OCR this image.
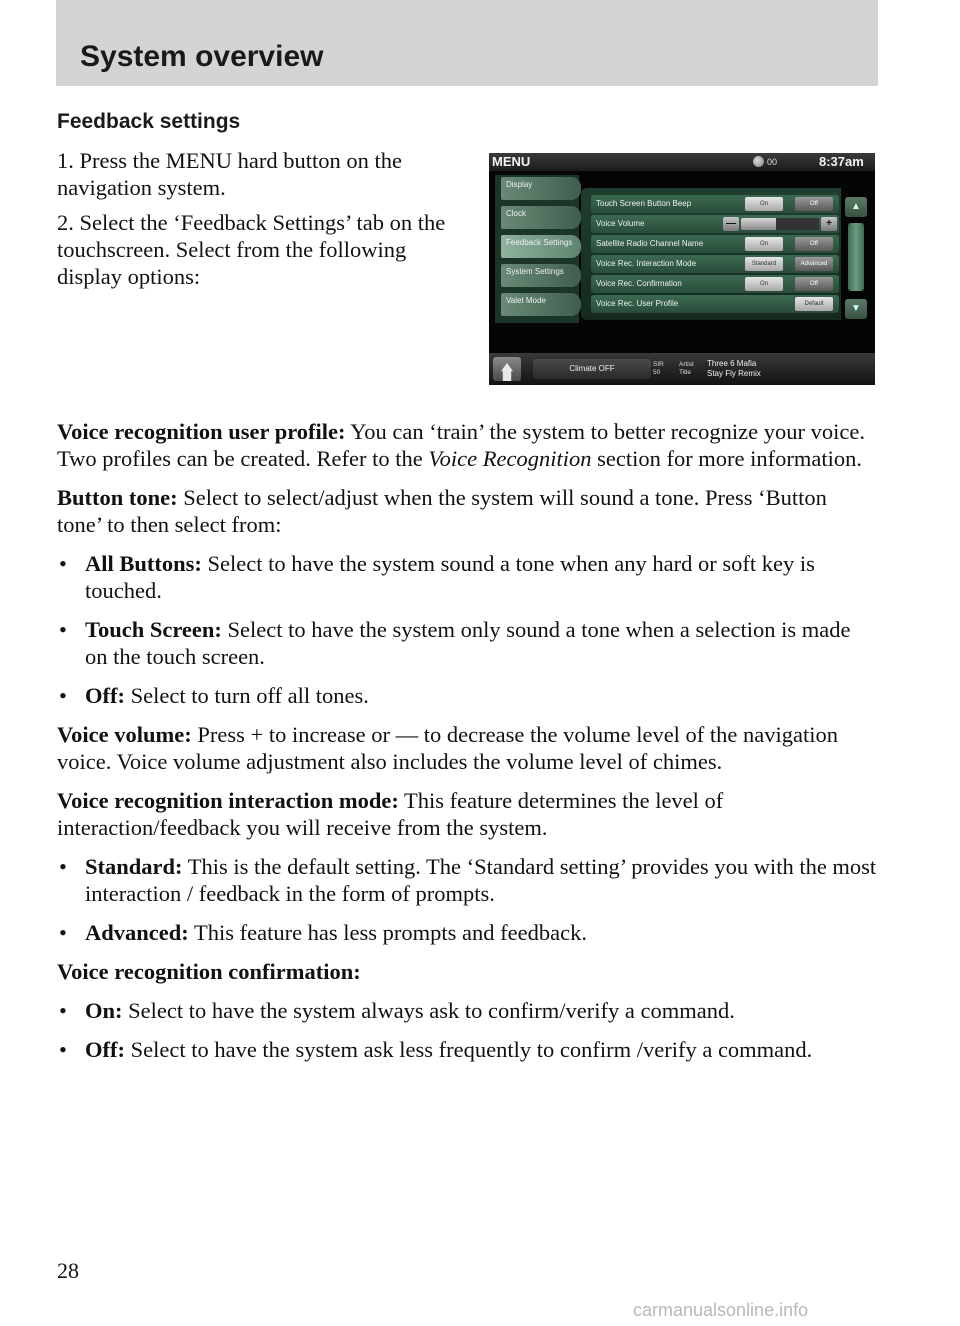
System overview
Feedback settings
1. Press the MENU hard button on the navigation system.
2. Select the ‘Feedback Settings’ tab on the touchscreen. Select from the following display options:
MENU	00	8:37am
Display
Clock
Feedback Settings
System Settings
Valet Mode
Touch Screen Button Beep	On	Off
Voice Volume	—	+
Satellite Radio Channel Name	On	Off
Voice Rec. Interaction Mode	Standard	Advanced
Voice Rec. Confirmation	On	Off
Voice Rec. User Profile	Default
▲
▼
Climate OFF	SIR
50
Artist
Title
Three 6 Mafia
Stay Fly Remix

Voice recognition user profile: You can ‘train’ the system to better recognize your voice. Two profiles can be created. Refer to the Voice Recognition section for more information.

Button tone: Select to select/adjust when the system will sound a tone. Press ‘Button tone’ to then select from:

• All Buttons: Select to have the system sound a tone when any hard or soft key is touched.
• Touch Screen: Select to have the system only sound a tone when a selection is made on the touch screen.
• Off: Select to turn off all tones.

Voice volume: Press + to increase or — to decrease the volume level of the navigation voice. Voice volume adjustment also includes the volume level of chimes.

Voice recognition interaction mode: This feature determines the level of interaction/feedback you will receive from the system.

• Standard: This is the default setting. The ‘Standard setting’ provides you with the most interaction / feedback in the form of prompts.
• Advanced: This feature has less prompts and feedback.

Voice recognition confirmation:

• On: Select to have the system always ask to confirm/verify a command.
• Off: Select to have the system ask less frequently to confirm /verify a command.
28
carmanualsonline.info
